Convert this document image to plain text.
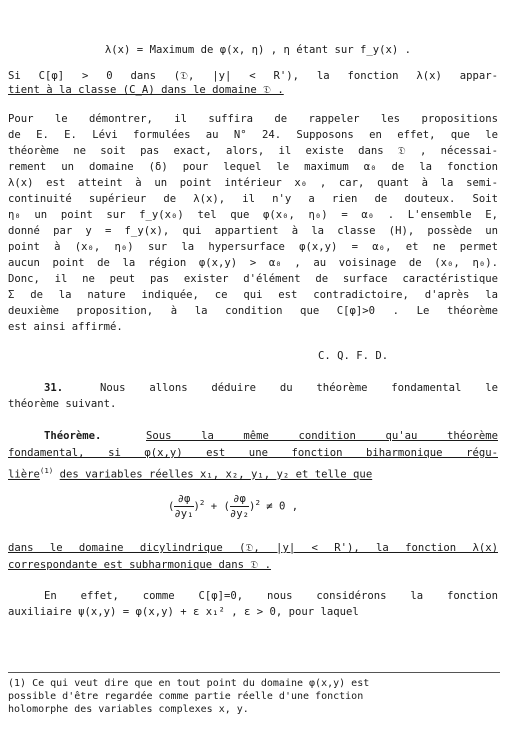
λ(x) = Maximum de φ(x, η) , η étant sur f_y(x) .
Si C[φ] > 0 dans (𝔇, |y| < R'), la fonction λ(x) appar-
tient à la classe (C_A) dans le domaine 𝔇 .
Pour le démontrer, il suffira de rappeler les propositions
de E. E. Lévi formulées au N° 24. Supposons en effet, que le
théorème ne soit pas exact, alors, il existe dans 𝔇 , nécessai-
rement un domaine (δ) pour lequel le maximum α₀ de la fonction
λ(x) est atteint à un point intérieur x₀ , car, quant à la semi-
continuité supérieur de λ(x), il n'y a rien de douteux. Soit
η₀ un point sur f_y(x₀) tel que φ(x₀, η₀) = α₀ . L'ensemble E,
donné par y = f_y(x), qui appartient à la classe (H), possède un
point à (x₀, η₀) sur la hypersurface φ(x,y) = α₀, et ne permet
aucun point de la région φ(x,y) > α₀ , au voisinage de (x₀, η₀).
Donc, il ne peut pas exister d'élément de surface caractéristique
Σ de la nature indiquée, ce qui est contradictoire, d'après la
deuxième proposition, à la condition que C[φ]>0 . Le théorème
est ainsi affirmé.
C. Q. F. D.
31.	Nous allons déduire du théorème fondamental le
théorème suivant.
Théorème.	Sous la même condition qu'au théorème
fondamental, si φ(x,y) est une fonction biharmonique régu-
lière$^{(1)}$ des variables réelles x₁, x₂, y₁, y₂ et telle que
( $\frac{\partial\varphi}{\text{∂y₁}} )^2$ + ( $\frac{\partial\varphi}{\text{∂y₂}} )^2 \ne 0$ ,
dans le domaine dicylindrique (𝔇, |y| < R'), la fonction λ(x)
correspondante est subharmonique dans 𝔇 .
En effet, comme C[φ]=0, nous considérons la fonction
auxiliaire ψ(x,y) = φ(x,y) + ε x₁² , ε > 0, pour laquel
(1) Ce qui veut dire que en tout point du domaine φ(x,y) est
possible d'être regardée comme partie réelle d'une fonction
holomorphe des variables complexes x, y.
